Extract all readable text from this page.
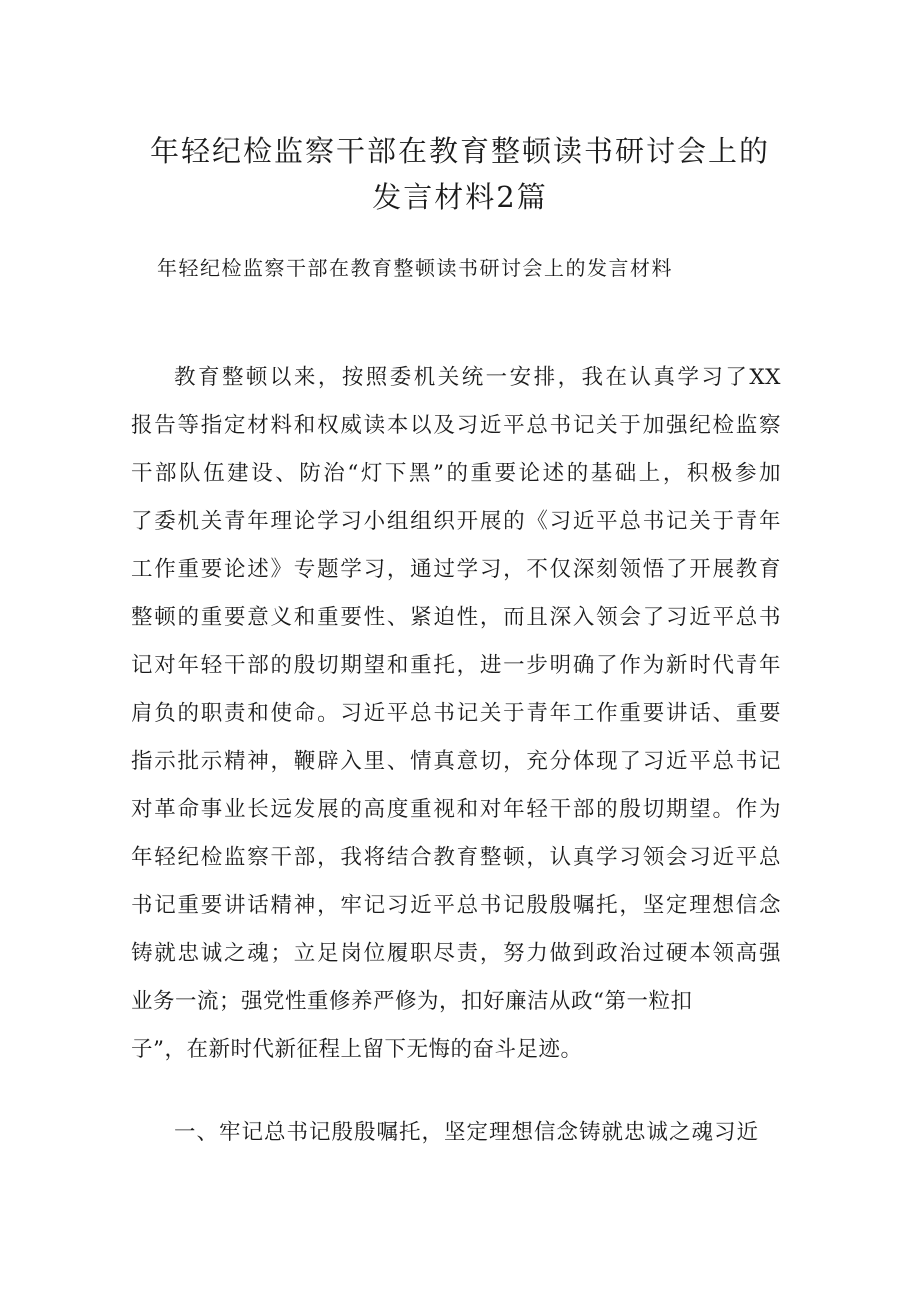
年轻纪检监察干部在教育整顿读书研讨会上的
发言材料2篇

年轻纪检监察干部在教育整顿读书研讨会上的发言材料

教育整顿以来，按照委机关统一安排，我在认真学习了XX
报告等指定材料和权威读本以及习近平总书记关于加强纪检监察
干部队伍建设、防治“灯下黑”的重要论述的基础上，积极参加
了委机关青年理论学习小组组织开展的《习近平总书记关于青年
工作重要论述》专题学习，通过学习，不仅深刻领悟了开展教育
整顿的重要意义和重要性、紧迫性，而且深入领会了习近平总书
记对年轻干部的殷切期望和重托，进一步明确了作为新时代青年
肩负的职责和使命。习近平总书记关于青年工作重要讲话、重要
指示批示精神，鞭辟入里、情真意切，充分体现了习近平总书记
对革命事业长远发展的高度重视和对年轻干部的殷切期望。作为
年轻纪检监察干部，我将结合教育整顿，认真学习领会习近平总
书记重要讲话精神，牢记习近平总书记殷殷嘱托，坚定理想信念
铸就忠诚之魂；立足岗位履职尽责，努力做到政治过硬本领高强
业务一流；强党性重修养严修为，扣好廉洁从政“第一粒扣
子”，在新时代新征程上留下无悔的奋斗足迹。
一、牢记总书记殷殷嘱托，坚定理想信念铸就忠诚之魂习近
